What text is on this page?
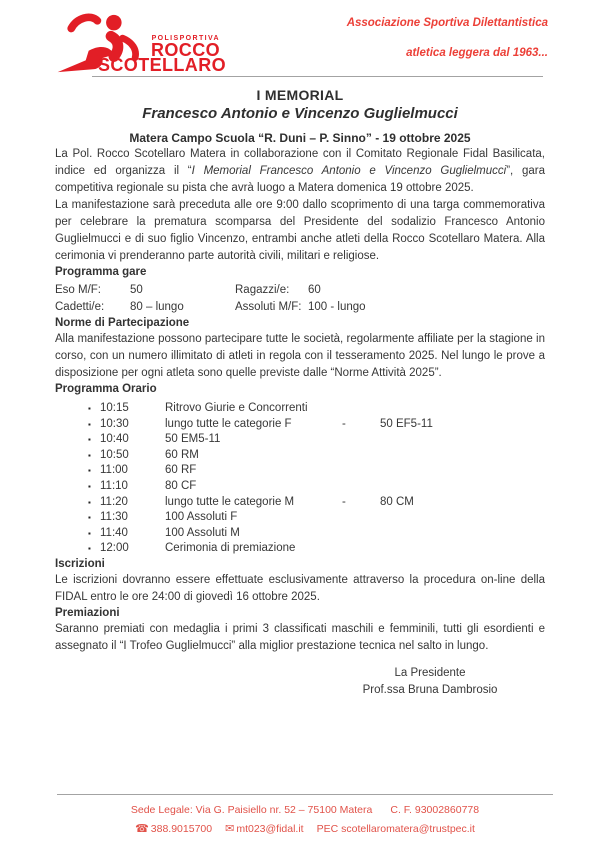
POLISPORTIVA
ROCCO
SCOTELLARO
Associazione Sportiva Dilettantistica
atletica leggera dal 1963...
I MEMORIAL
Francesco Antonio e Vincenzo Guglielmucci
Matera Campo Scuola “R. Duni – P. Sinno” - 19 ottobre 2025

La Pol. Rocco Scotellaro Matera in collaborazione con il Comitato Regionale Fidal Basilicata, indice ed organizza il “I Memorial Francesco Antonio e Vincenzo Guglielmucci”, gara competitiva regionale su pista che avrà luogo a Matera domenica 19 ottobre 2025.

La manifestazione sarà preceduta alle ore 9:00 dallo scoprimento di una targa commemorativa per celebrare la prematura scomparsa del Presidente del sodalizio Francesco Antonio Guglielmucci e di suo figlio Vincenzo, entrambi anche atleti della Rocco Scotellaro Matera. Alla cerimonia vi prenderanno parte autorità civili, militari e religiose.

Programma gare
Eso M/F:	50	Ragazzi/e:	60
Cadetti/e:	80 – lungo	Assoluti M/F: 100 - lungo
Norme di Partecipazione

Alla manifestazione possono partecipare tutte le società, regolarmente affiliate per la stagione in corso, con un numero illimitato di atleti in regola con il tesseramento 2025. Nel lungo le prove a disposizione per ogni atleta sono quelle previste dalle “Norme Attività 2025”.

Programma Orario
▪ 10:15	Ritrovo Giurie e Concorrenti
▪ 10:30	lungo tutte le categorie F	-	50 EF5-11
▪ 10:40	50 EM5-11
▪ 10:50	60 RM
▪ 11:00	60 RF
▪ 11:10	80 CF
▪ 11:20	lungo tutte le categorie M	-	80 CM
▪ 11:30	100 Assoluti F
▪ 11:40	100 Assoluti M
▪ 12:00	Cerimonia di premiazione
Iscrizioni

Le iscrizioni dovranno essere effettuate esclusivamente attraverso la procedura on-line della FIDAL entro le ore 24:00 di giovedì 16 ottobre 2025.

Premiazioni

Saranno premiati con medaglia i primi 3 classificati maschili e femminili, tutti gli esordienti e assegnato il “I Trofeo Guglielmucci” alla miglior prestazione tecnica nel salto in lungo.

La Presidente
Prof.ssa Bruna Dambrosio
Sede Legale: Via G. Paisiello nr. 52 – 75100 Matera C. F. 93002860778
☎ 388.9015700 ✉ mt023@fidal.it PEC
scotellaromatera@trustpec.it
